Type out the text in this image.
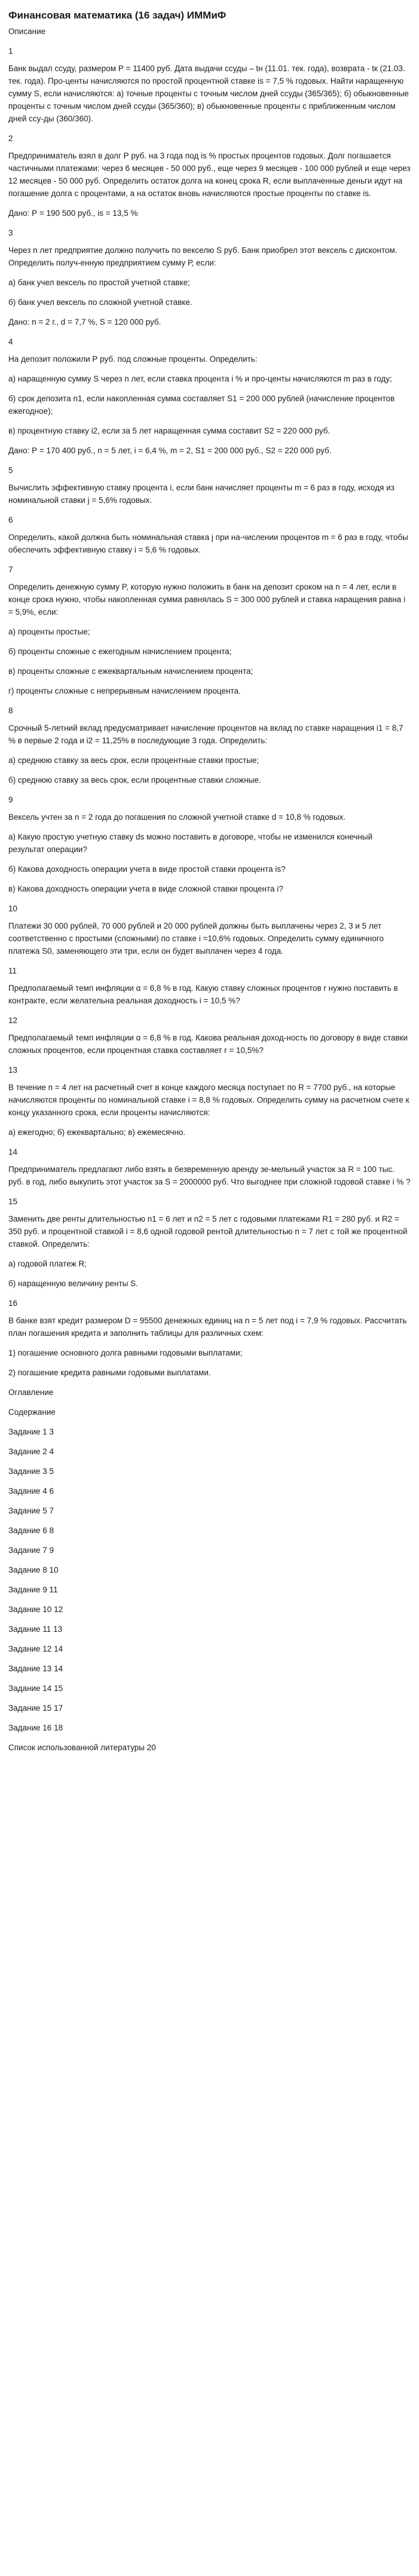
Финансовая математика (16 задач) ИММиФ
Описание
1
Банк выдал ссуду, размером Р = 11400 руб. Дата выдачи ссуды – tн (11.01. тек. года), возврата - tк (21.03. тек. года). Про-центы начисляются по простой процентной ставке is = 7,5 % годовых. Найти наращенную сумму S, если начисляются: а) точные проценты с точным числом дней ссуды (365/365); б) обыкновенные проценты с точным числом дней ссуды (365/360); в) обыкновенные проценты с приближенным числом дней ссу-ды (360/360).
2
Предприниматель взял в долг Р руб. на 3 года под is % простых процентов годовых. Долг погашается частичными платежами: через 6 месяцев - 50 000 руб., еще через 9 месяцев - 100 000 рублей и еще через 12 месяцев - 50 000 руб. Определить остаток долга на конец срока R, если выплаченные деньги идут на погашение долга с процентами, а на остаток вновь начисляются простые проценты по ставке is.
Дано: Р = 190 500 руб., is = 13,5 %
3
Через n лет предприятие должно получить по векселю S руб. Банк приобрел этот вексель с дисконтом. Определить получ-енную предприятием сумму Р, если:
а) банк учел вексель по простой учетной ставке;
б) банк учел вексель по сложной учетной ставке.
Дано: n = 2 г., d = 7,7 %, S = 120 000 руб.
4
На депозит положили Р руб. под сложные проценты. Определить:
а) наращенную сумму S через n лет, если ставка процента i % и про-центы начисляются m раз в году;
б) срок депозита n1, если накопленная сумма составляет S1 = 200 000 рублей (начисление процентов ежегодное);
в) процентную ставку i2, если за 5 лет наращенная сумма составит S2 = 220 000 руб.
Дано: Р = 170 400 руб., n = 5 лет, i = 6,4 %, m = 2, S1 = 200 000 руб., S2 = 220 000 руб.
5
Вычислить эффективную ставку процента i, если банк начисляет проценты m = 6 раз в году, исходя из номинальной ставки j = 5,6% годовых.
6
Определить, какой должна быть номинальная ставка j при на-числении процентов m = 6 раз в году, чтобы обеспечить эффективную ставку i = 5,6 % годовых.
7
Определить денежную сумму P, которую нужно положить в банк на депозит сроком на n = 4 лет, если в конце срока нужно, чтобы накопленная сумма равнялась S = 300 000 рублей и ставка наращения равна i = 5,9%, если:
а) проценты простые;
б) проценты сложные с ежегодным начислением процента;
в) проценты сложные с ежеквартальным начислением процента;
г) проценты сложные с непрерывным начислением процента.
8
Срочный 5-летний вклад предусматривает начисление процентов на вклад по ставке наращения i1 = 8,7 % в первые 2 года и i2 = 11,25% в последующие 3 года. Определить:
а) среднюю ставку за весь срок, если процентные ставки простые;
б) среднюю ставку за весь срок, если процентные ставки сложные.
9
Вексель учтен за n = 2 года до погашения по сложной учетной ставке d = 10,8 % годовых.
а) Какую простую учетную ставку ds можно поставить в договоре, чтобы не изменился конечный результат операции?
б) Какова доходность операции учета в виде простой ставки процента is?
в) Какова доходность операции учета в виде сложной ставки процента i?
10
Платежи 30 000 рублей, 70 000 рублей и 20 000 рублей должны быть выплачены через 2, 3 и 5 лет соответственно с простыми (сложными) по ставке i =10,6% годовых. Определить сумму единичного платежа S0, заменяющего эти три, если он будет выплачен через 4 года.
11
Предполагаемый темп инфляции α = 6,8 % в год. Какую ставку сложных процентов r нужно поставить в контракте, если желательна реальная доходность i = 10,5 %?
12
Предполагаемый темп инфляции α = 6,8 % в год. Какова реальная доход-ность по договору в виде ставки сложных процентов, если процентная ставка составляет r = 10,5%?
13
В течение n = 4 лет на расчетный счет в конце каждого месяца поступает по R = 7700 руб., на которые начисляются проценты по номинальной ставке i = 8,8 % годовых. Определить сумму на расчетном счете к концу указанного срока, если проценты начисляются:
а) ежегодно; б) ежеквартально; в) ежемесячно.
14
Предприниматель предлагают либо взять в безвременную аренду зе-мельный участок за R = 100 тыс. руб. в год, либо выкупить этот участок за S = 2000000 руб. Что выгоднее при сложной годовой ставке i % ?
15
Заменить две ренты длительностью n1 = 6 лет и n2 = 5 лет с годовыми платежами R1 = 280 руб. и R2 = 350 руб. и процентной ставкой i = 8,6 одной годовой рентой длительностью n = 7 лет с той же процентной ставкой. Определить:
а) годовой платеж R;
б) наращенную величину ренты S.
16
В банке взят кредит размером D = 95500 денежных единиц на n = 5 лет под i = 7,9 % годовых. Рассчитать план погашения кредита и заполнить таблицы для различных схем:
1) погашение основного долга равными годовыми выплатами;
2) погашение кредита равными годовыми выплатами.
Оглавление
Содержание
Задание 1 3
Задание 2 4
Задание 3 5
Задание 4 6
Задание 5 7
Задание 6 8
Задание 7 9
Задание 8 10
Задание 9 11
Задание 10 12
Задание 11 13
Задание 12 14
Задание 13 14
Задание 14 15
Задание 15 17
Задание 16 18
Список использованной литературы 20
